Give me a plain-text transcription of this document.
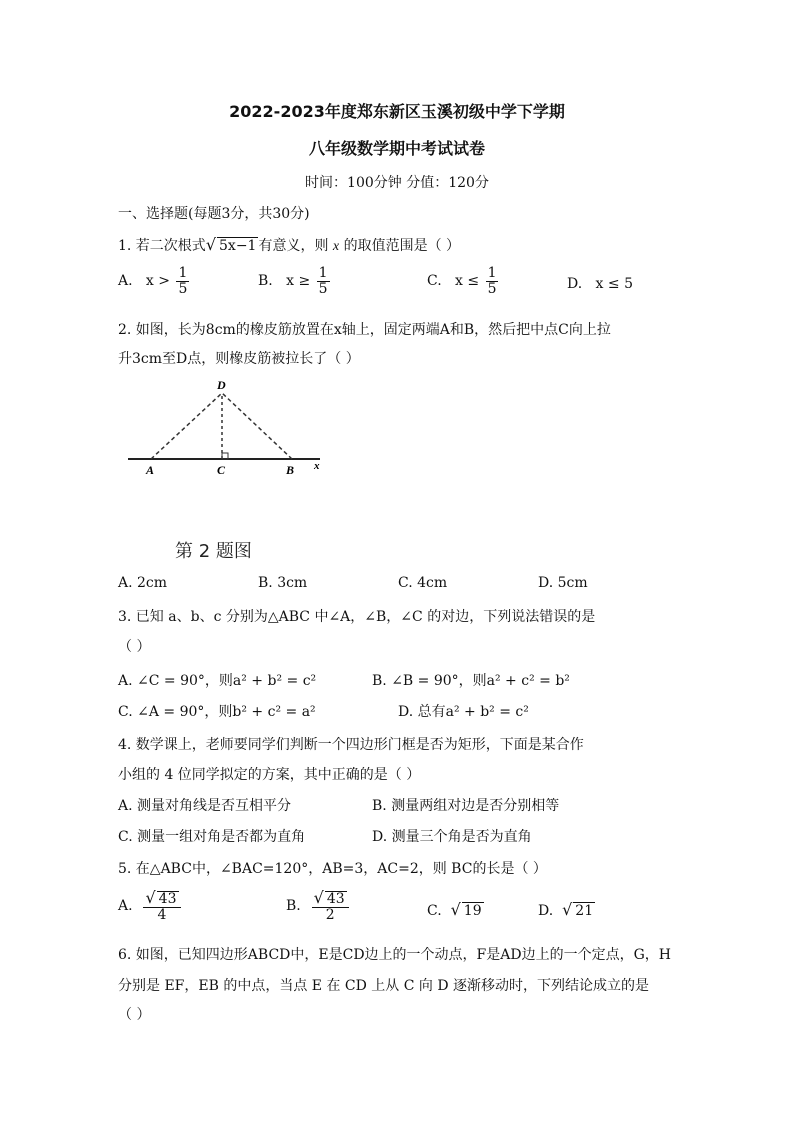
2022-2023年度郑东新区玉溪初级中学下学期
八年级数学期中考试试卷
时间：100分钟 分值：120分
一、选择题(每题3分，共30分)
1. 若二次根式√ 5x−1 有意义，则 x 的取值范围是（ ）
A. $x > \frac{1}{5}$	B. $x \ge \frac{1}{5}$	C. $x \le \frac{1}{5}$	D. x ≤ 5
2. 如图，长为8cm的橡皮筋放置在x轴上，固定两端A和B，然后把中点C向上拉
升3cm至D点，则橡皮筋被拉长了（ ）
D
A	C	B x
第 2 题图
A. 2cm	B. 3cm	C. 4cm	D. 5cm
3. 已知 a、b、c 分别为△ABC 中∠A，∠B，∠C 的对边，下列说法错误的是
（ ）
A. ∠C = 90°，则a² + b² = c²	B. ∠B = 90°，则a² + c² = b²
C. ∠A = 90°，则b² + c² = a²	D. 总有a² + b² = c²
4. 数学课上，老师要同学们判断一个四边形门框是否为矩形，下面是某合作
小组的 4 位同学拟定的方案，其中正确的是（ ）
A. 测量对角线是否互相平分	B. 测量两组对边是否分别相等
C. 测量一组对角是否都为直角	D. 测量三个角是否为直角
5. 在△ABC中，∠BAC=120°，AB=3，AC=2，则 BC的长是（ ）
A. $\frac{√ 43}{4}$	B. $\frac{√ 43}{2}$	C. √ 19	D. √ 21
6. 如图，已知四边形ABCD中，E是CD边上的一个动点，F是AD边上的一个定点，G，H
分别是 EF，EB 的中点，当点 E 在 CD 上从 C 向 D 逐渐移动时，下列结论成立的是
（ ）
